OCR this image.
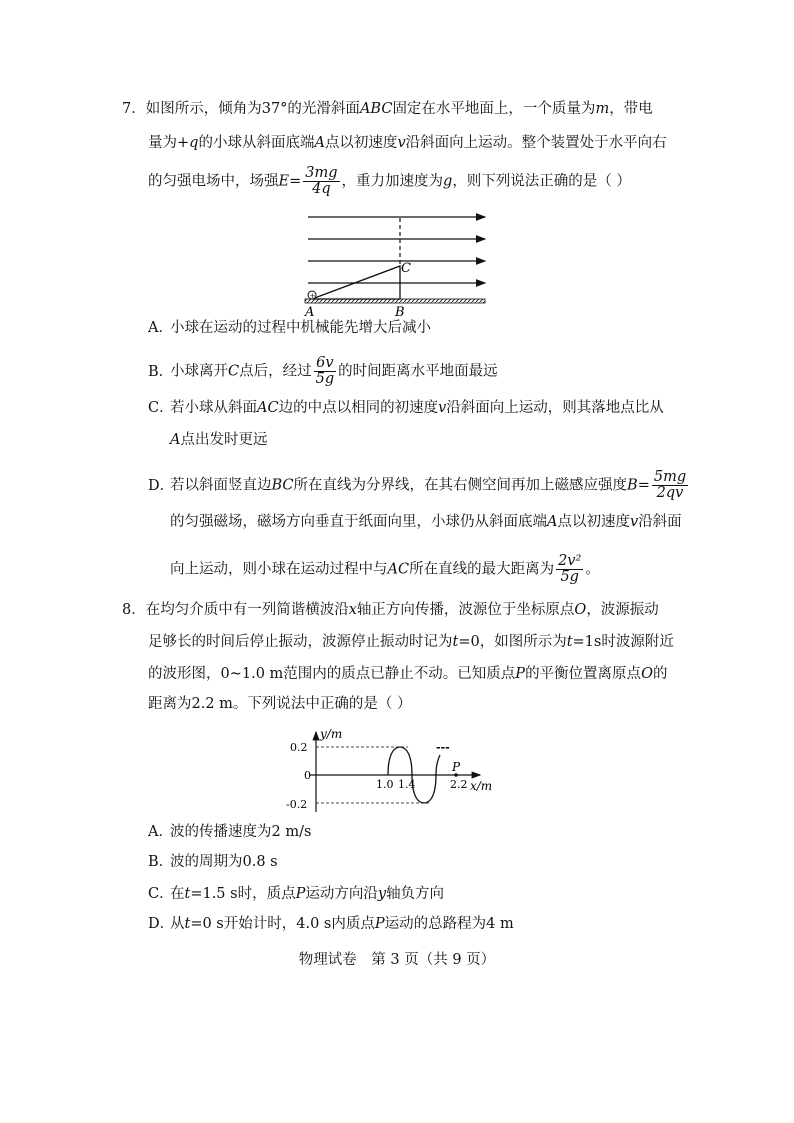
7．如图所示，倾角为37°的光滑斜面ABC固定在水平地面上，一个质量为m，带电
量为+q的小球从斜面底端A点以初速度v沿斜面向上运动。整个装置处于水平向右
的匀强电场中，场强$E= \frac{3mg}{4q}$ ，重力加速度为g，则下列说法正确的是（ ）
+
A	B
C
A．小球在运动的过程中机械能先增大后减小
B．小球离开C点后，经过 $\frac{6v}{5g}$ 的时间距离水平地面最远
C．若小球从斜面AC边的中点以相同的初速度v沿斜面向上运动，则其落地点比从
A点出发时更远
D．若以斜面竖直边BC所在直线为分界线，在其右侧空间再加上磁感应强度$B= \frac{5mg}{2qv}$
的匀强磁场，磁场方向垂直于纸面向里，小球仍从斜面底端A点以初速度v沿斜面
向上运动，则小球在运动过程中与AC所在直线的最大距离为 $\frac{\text{2v²}}{5g}$ 。
8．在均匀介质中有一列简谐横波沿x轴正方向传播，波源位于坐标原点O，波源振动
足够长的时间后停止振动，波源停止振动时记为t=0，如图所示为t=1s时波源附近
的波形图，0~1.0 m范围内的质点已静止不动。已知质点P的平衡位置离原点O的
距离为2.2 m。下列说法中正确的是（ ）
y/m
x/m
0.2
0
-0.2
---
1.0 1.4
P
2.2
A．波的传播速度为2 m/s
B．波的周期为0.8 s
C．在t=1.5 s时，质点P运动方向沿y轴负方向
D．从t=0 s开始计时，4.0 s内质点P运动的总路程为4 m
物理试卷　第 3 页（共 9 页）
